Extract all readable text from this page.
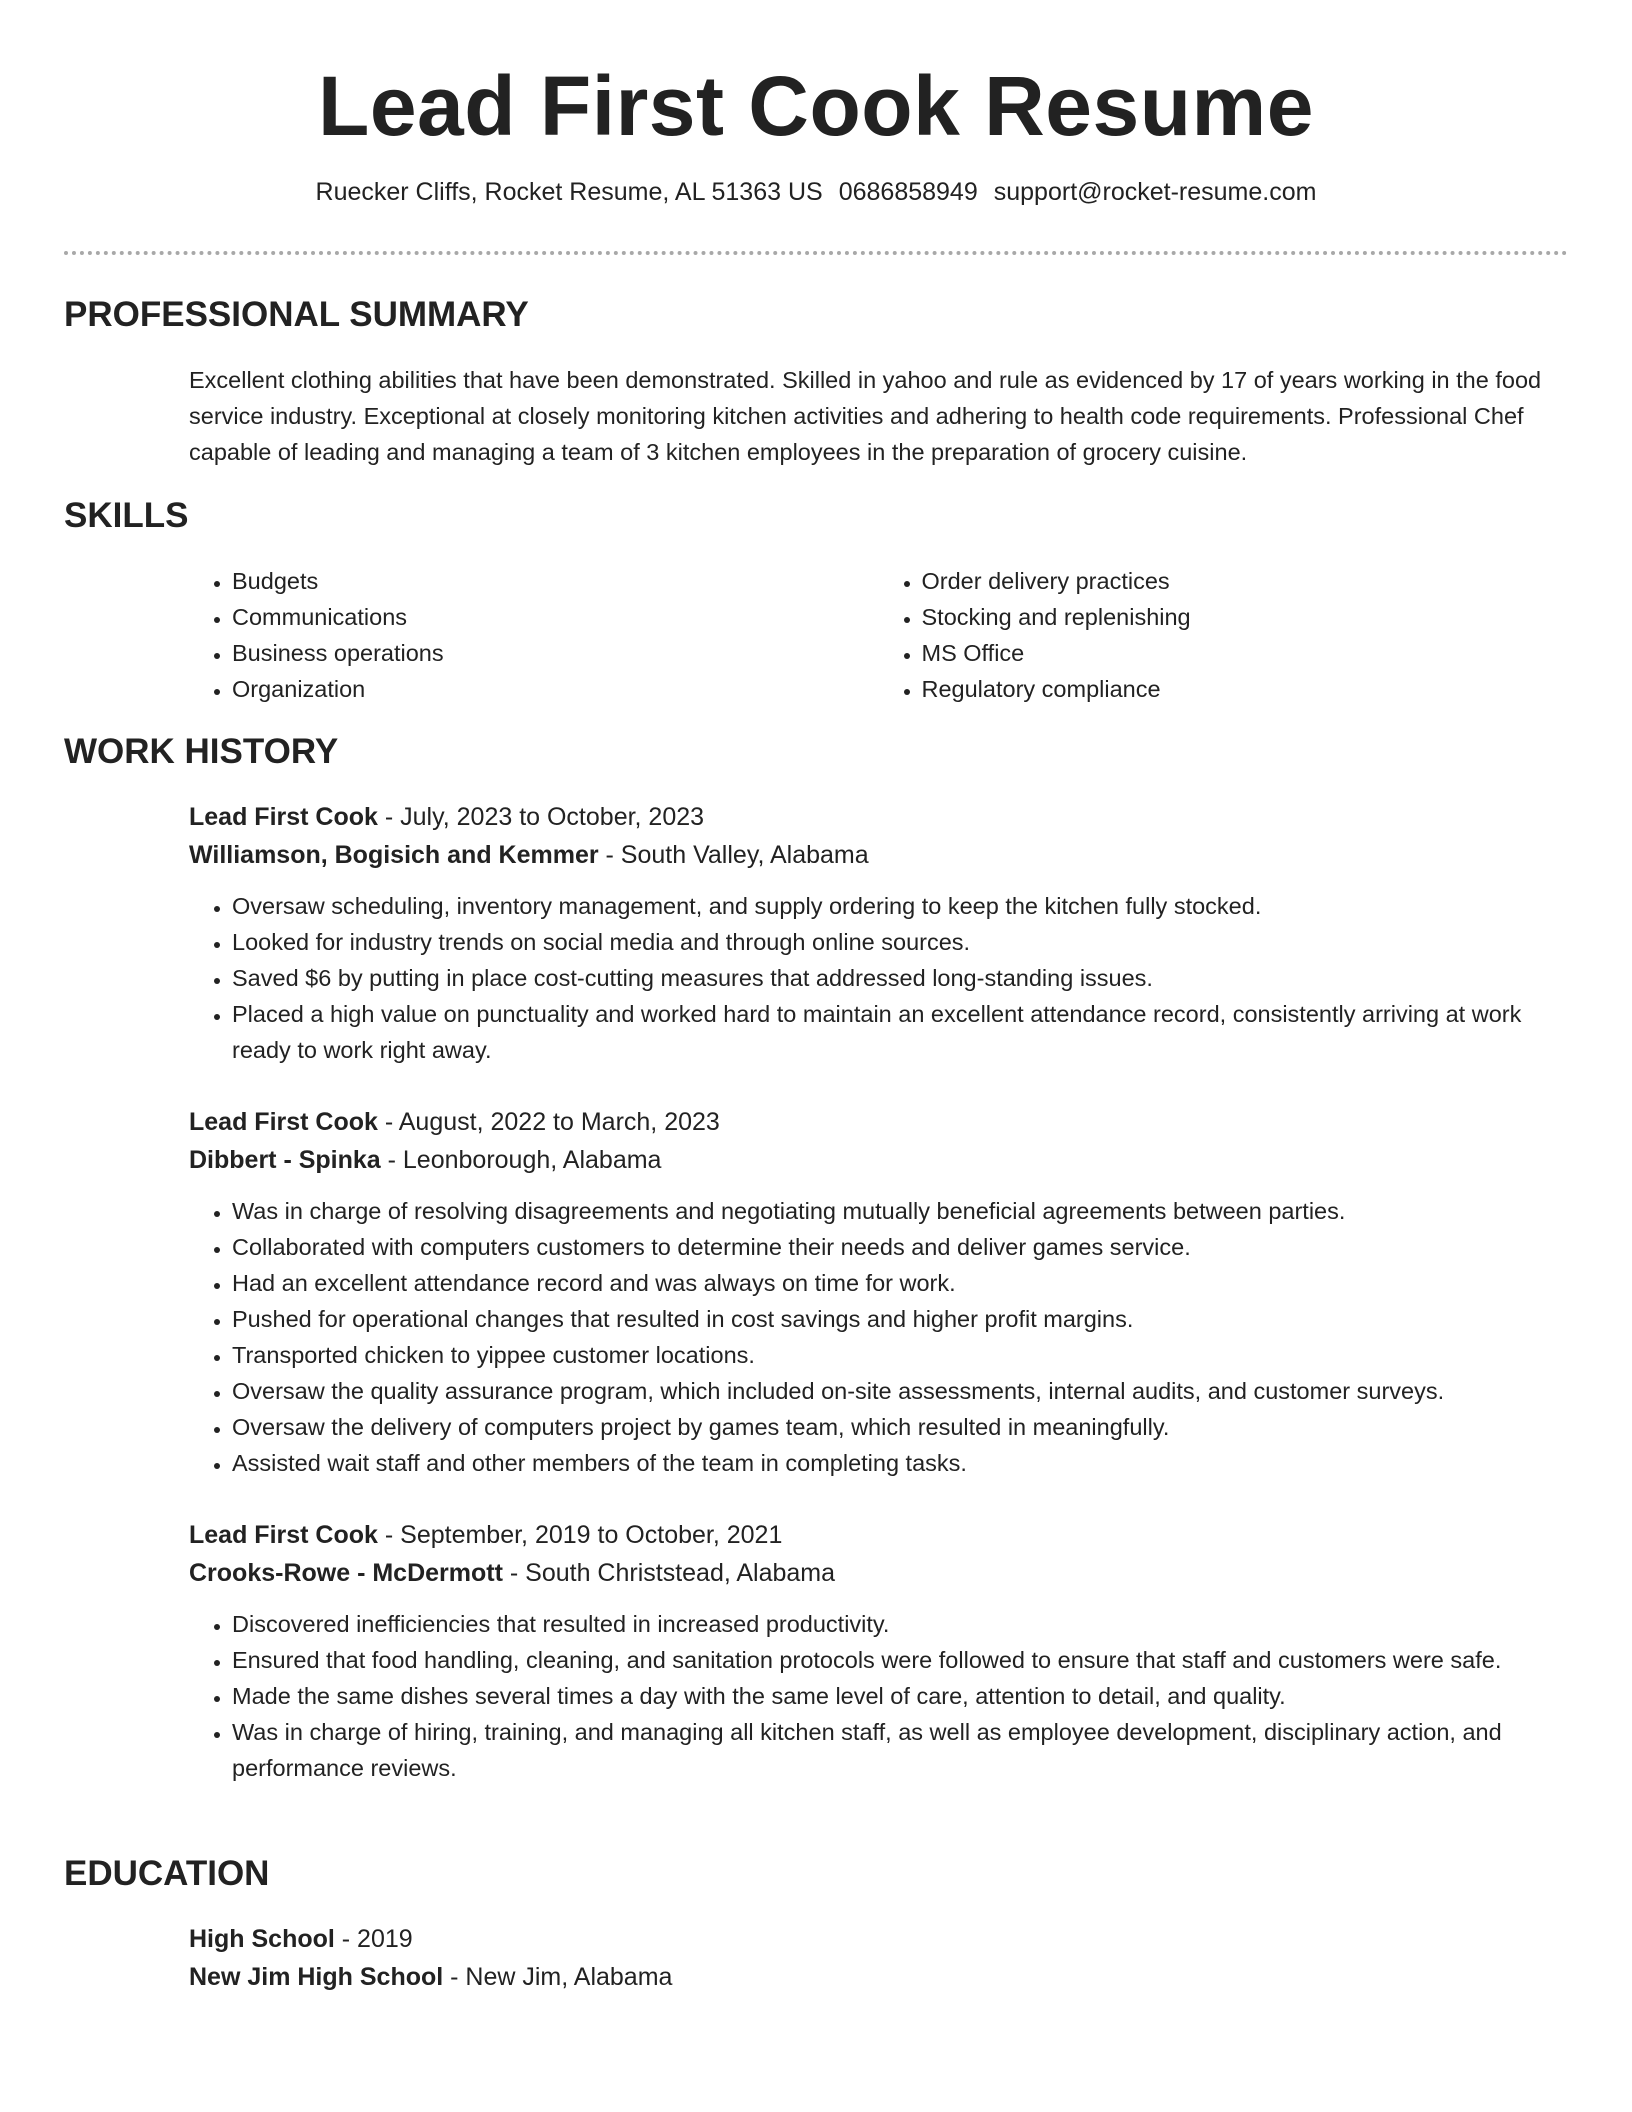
Lead First Cook Resume
Ruecker Cliffs, Rocket Resume, AL 51363 US 0686858949 support@rocket-resume.com
PROFESSIONAL SUMMARY

Excellent clothing abilities that have been demonstrated. Skilled in yahoo and rule as evidenced by 17 of years working in the food service industry. Exceptional at closely monitoring kitchen activities and adhering to health code requirements. Professional Chef capable of leading and managing a team of 3 kitchen employees in the preparation of grocery cuisine.

SKILLS
• Budgets
• Communications
• Business operations
• Organization
• Order delivery practices
• Stocking and replenishing
• MS Office
• Regulatory compliance
WORK HISTORY

Lead First Cook - July, 2023 to October, 2023

Williamson, Bogisich and Kemmer - South Valley, Alabama

• Oversaw scheduling, inventory management, and supply ordering to keep the kitchen fully stocked.
• Looked for industry trends on social media and through online sources.
• Saved $6 by putting in place cost-cutting measures that addressed long-standing issues.
• Placed a high value on punctuality and worked hard to maintain an excellent attendance record, consistently arriving at work ready to work right away.

Lead First Cook - August, 2022 to March, 2023

Dibbert - Spinka - Leonborough, Alabama

• Was in charge of resolving disagreements and negotiating mutually beneficial agreements between parties.
• Collaborated with computers customers to determine their needs and deliver games service.
• Had an excellent attendance record and was always on time for work.
• Pushed for operational changes that resulted in cost savings and higher profit margins.
• Transported chicken to yippee customer locations.
• Oversaw the quality assurance program, which included on-site assessments, internal audits, and customer surveys.
• Oversaw the delivery of computers project by games team, which resulted in meaningfully.
• Assisted wait staff and other members of the team in completing tasks.

Lead First Cook - September, 2019 to October, 2021

Crooks-Rowe - McDermott - South Christstead, Alabama

• Discovered inefficiencies that resulted in increased productivity.
• Ensured that food handling, cleaning, and sanitation protocols were followed to ensure that staff and customers were safe.
• Made the same dishes several times a day with the same level of care, attention to detail, and quality.
• Was in charge of hiring, training, and managing all kitchen staff, as well as employee development, disciplinary action, and performance reviews.
EDUCATION

High School - 2019

New Jim High School - New Jim, Alabama
